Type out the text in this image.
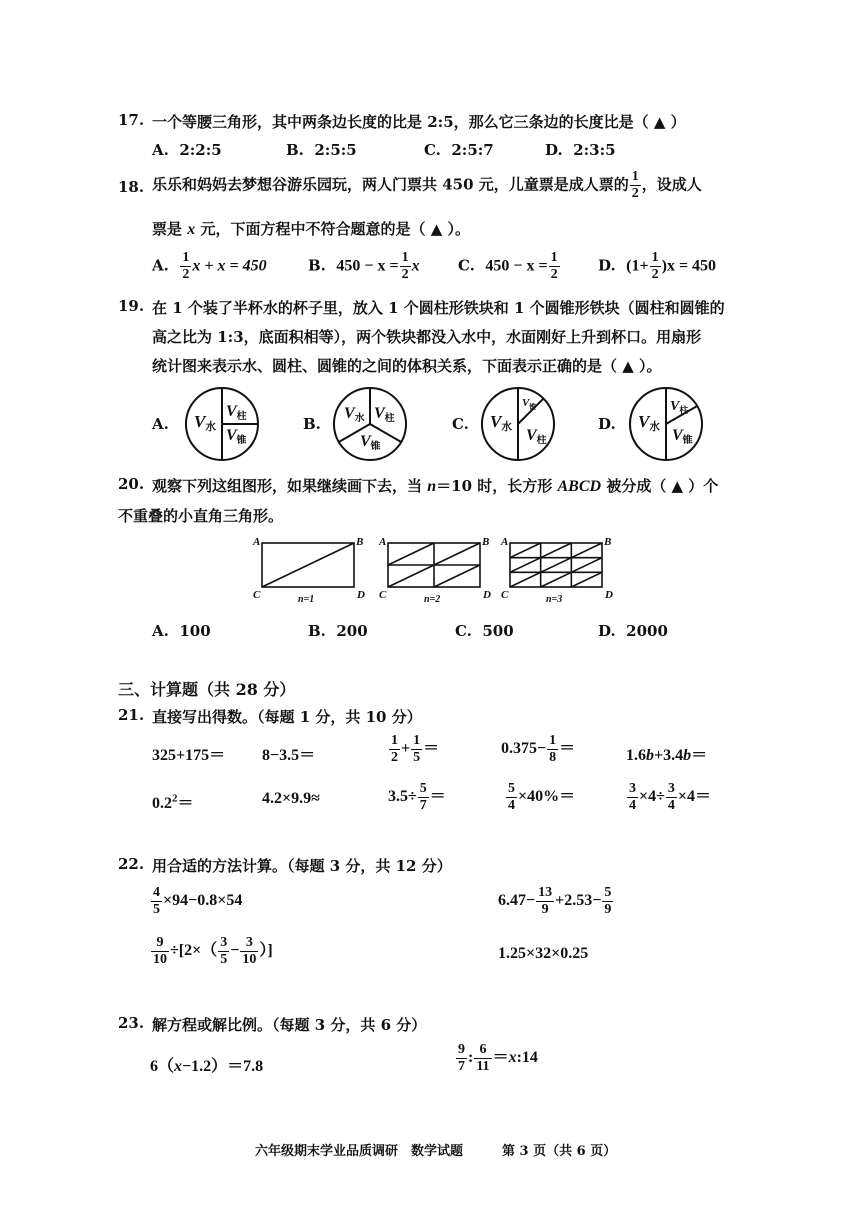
17. 一个等腰三角形，其中两条边长度的比是 2:5，那么它三条边的长度比是（ ▲ ）
A. 2:2:5	B. 2:5:5	C. 2:5:7	D. 2:3:5
18. 乐乐和妈妈去梦想谷游乐园玩，两人门票共 450 元，儿童票是成人票的 $\frac{1}{2}$ ，设成人
票是 x 元，下面方程中不符合题意的是（ ▲ ）。
A. $\frac{1}{2}$ x + x = 450	B. $450 - x = \frac{1}{2}$ x	C. $450 - x = \frac{1}{2}$	D. $(1+ \frac{1}{2} )x = 450$
19. 在 1 个装了半杯水的杯子里，放入 1 个圆柱形铁块和 1 个圆锥形铁块（圆柱和圆锥的
高之比为 1:3，底面积相等），两个铁块都没入水中，水面刚好上升到杯口。用扇形
统计图来表示水、圆柱、圆锥的之间的体积关系，下面表示正确的是（ ▲ ）。
A.	B.	C.	D.
V水
V柱
V锥
V水 V柱
V锥
V水
$V_锥$
V柱
V水
$V_柱$
V锥
A	B
C	D
n=1
A	B
C	D
n=2
A	B
C	D
n=3
20. 观察下列这组图形，如果继续画下去，当 n＝10 时，长方形 ABCD 被分成（ ▲ ）个
不重叠的小直角三角形。
A. 100	B. 200	C. 500	D. 2000
三、计算题（共 28 分）
21. 直接写出得数。（每题 1 分，共 10 分）
325+175＝ 8−3.5＝	$\frac{1}{2} + \frac{1}{5}$ ＝	$0.375- \frac{1}{8}$ ＝	1.6b+3.4b＝
$0.2^2=$	4.2×9.9≈	$3.5\div \frac{5}{7}$ ＝	$\frac{5}{4} \times 40\%=$	$\frac{3}{4} \times 4\div \frac{3}{4} \times 4=$
22. 用合适的方法计算。（每题 3 分，共 12 分）
$\frac{4}{5} \times 94-0.8\times 54$	$6.47- \frac{13}{9} +2.53- \frac{5}{9}$
$\frac{9}{10} \div[2\times( \frac{3}{5} - \frac{3}{10}$ ）]	1.25×32×0.25
23. 解方程或解比例。（每题 3 分，共 6 分）
6（x−1.2）＝7.8	$\frac{9}{7}$ : $\frac{6}{11}$ ＝x:14
六年级期末学业品质调研　数学试题	第 3 页（共 6 页）
